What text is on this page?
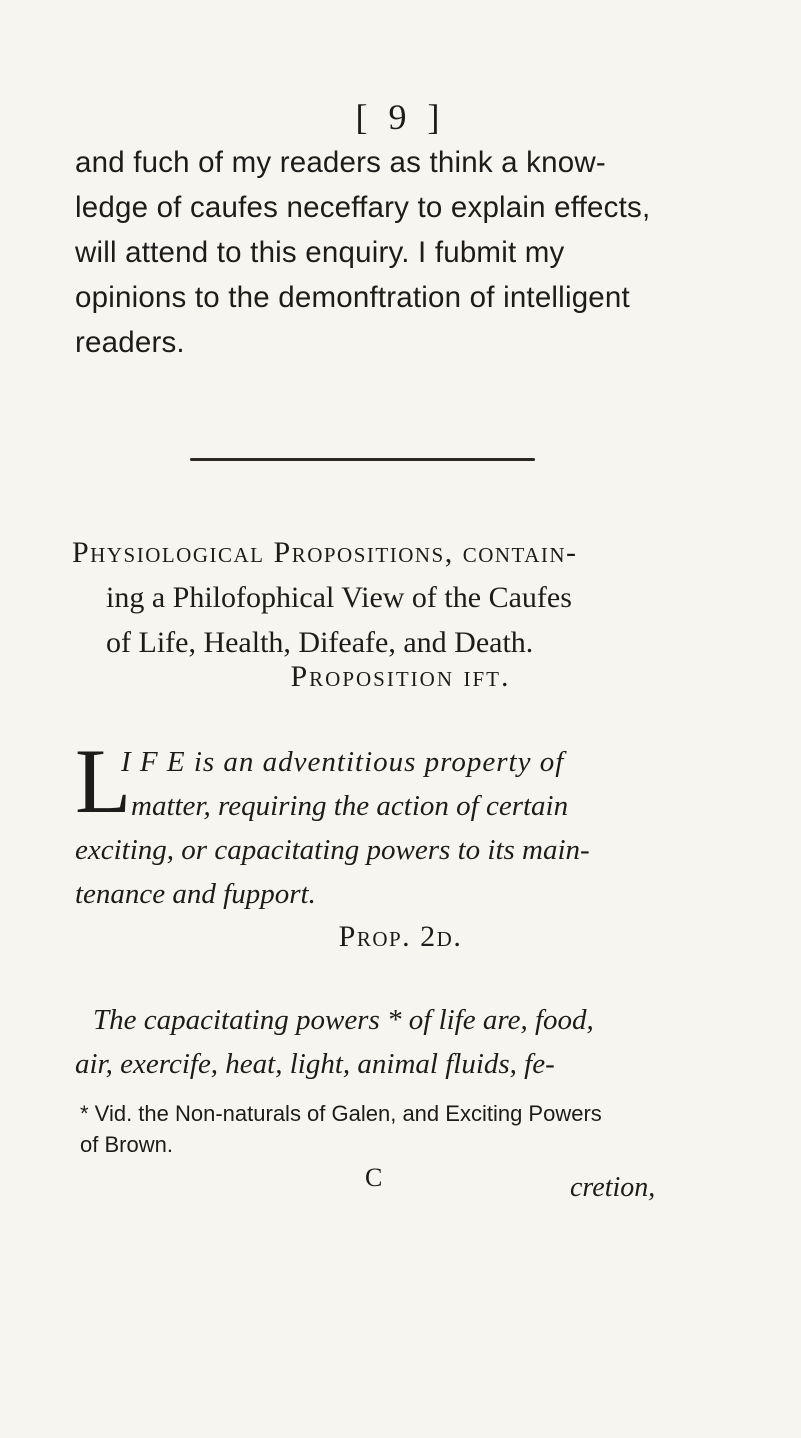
[ 9 ]
and fuch of my readers as think a know-
ledge of caufes neceffary to explain effects,
will attend to this enquiry. I fubmit my
opinions to the demonftration of intelligent
readers.
Physiological Propositions, contain-
ing a Philofophical View of the Caufes
of Life, Health, Difeafe, and Death.
Proposition ift.
L
I F E is an adventitious property of
matter, requiring the action of certain
exciting, or capacitating powers to its main-
tenance and fupport.
Prop. 2d.
The capacitating powers * of life are, food,
air, exercife, heat, light, animal fluids, fe-
* Vid. the Non-naturals of Galen, and Exciting Powers
of Brown.
C	cretion,
